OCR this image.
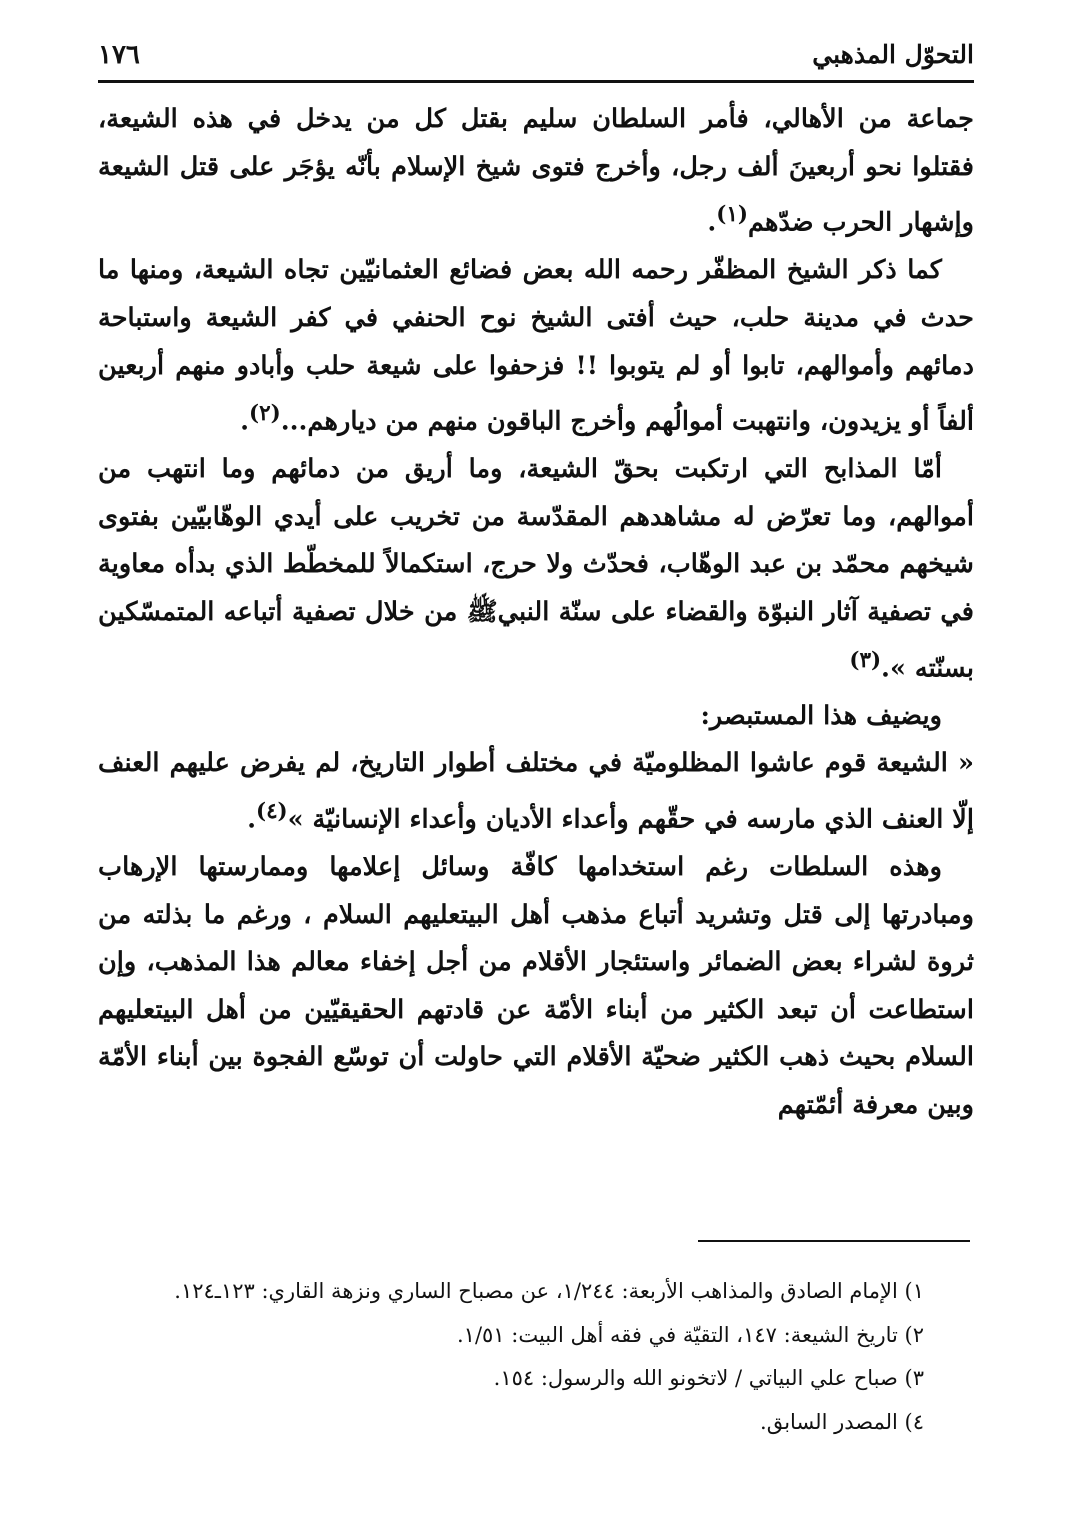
١٧٦	التحوّل المذهبي

جماعة من الأهالي، فأمر السلطان سليم بقتل كل من يدخل في هذه الشيعة، فقتلوا نحو أربعينَ ألف رجل، وأخرج فتوى شيخ الإسلام بأنّه يؤجَر على قتل الشيعة وإشهار الحرب ضدّهم$^{(١)}$.

كما ذكر الشيخ المظفّر رحمه الله بعض فضائع العثمانيّين تجاه الشيعة، ومنها ما حدث في مدينة حلب، حيث أفتى الشيخ نوح الحنفي في كفر الشيعة واستباحة دمائهم وأموالهم، تابوا أو لم يتوبوا !! فزحفوا على شيعة حلب وأبادو منهم أربعين ألفاً أو يزيدون، وانتهبت أموالُهم وأخرج الباقون منهم من ديارهم...$^{(٢)}$.

أمّا المذابح التي ارتكبت بحقّ الشيعة، وما أريق من دمائهم وما انتهب من أموالهم، وما تعرّض له مشاهدهم المقدّسة من تخريب على أيدي الوهّابيّين بفتوى شيخهم محمّد بن عبد الوهّاب، فحدّث ولا حرج، استكمالاً للمخطّط الذي بدأه معاوية في تصفية آثار النبوّة والقضاء على سنّة النبيﷺ من خلال تصفية أتباعه المتمسّكين بسنّته ».$^{(٣)}$

ويضيف هذا المستبصر:

« الشيعة قوم عاشوا المظلوميّة في مختلف أطوار التاريخ، لم يفرض عليهم العنف إلّا العنف الذي مارسه في حقّهم وأعداء الأديان وأعداء الإنسانيّة »$^{(٤)}$.

وهذه السلطات رغم استخدامها كافّة وسائل إعلامها وممارستها الإرهاب ومبادرتها إلى قتل وتشريد أتباع مذهب أهل البيتعليهم السلام ، ورغم ما بذلته من ثروة لشراء بعض الضمائر واستئجار الأقلام من أجل إخفاء معالم هذا المذهب، وإن استطاعت أن تبعد الكثير من أبناء الأمّة عن قادتهم الحقيقيّين من أهل البيتعليهم السلام بحيث ذهب الكثير ضحيّة الأقلام التي حاولت أن توسّع الفجوة بين أبناء الأمّة وبين معرفة أئمّتهم

١) الإمام الصادق والمذاهب الأربعة: ١/٢٤٤، عن مصباح الساري ونزهة القاري: ١٢٣ـ١٢٤.

٢) تاريخ الشيعة: ١٤٧، التقيّة في فقه أهل البيت: ١/٥١.

٣) صباح علي البياتي / لاتخونو الله والرسول: ١٥٤.

٤) المصدر السابق.
